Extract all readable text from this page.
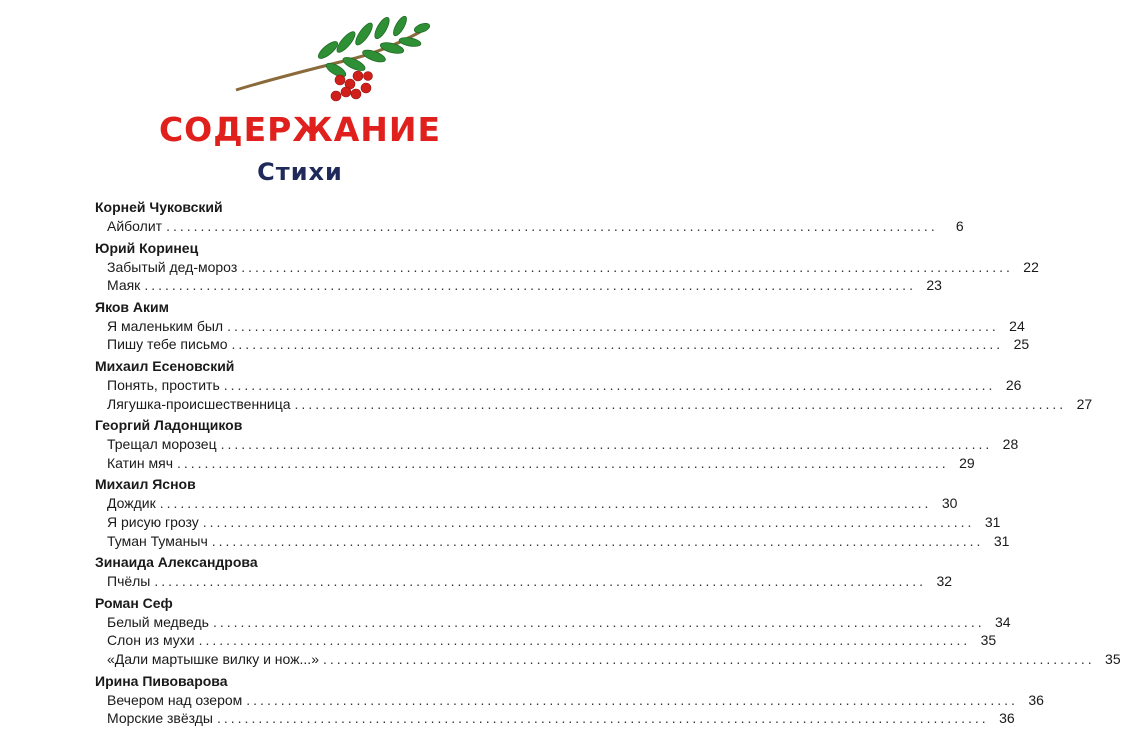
СОДЕРЖАНИЕ
Стихи
Корней Чуковский
Айболит ................................................................................................................	6
Юрий Коринец
Забытый дед-мороз ................................................................................................................ 22
Маяк ................................................................................................................ 23
Яков Аким
Я маленьким был ................................................................................................................ 24
Пишу тебе письмо ................................................................................................................ 25
Михаил Есеновский
Понять, простить ................................................................................................................ 26
Лягушка-происшественница ................................................................................................................ 27
Георгий Ладонщиков
Трещал морозец ................................................................................................................ 28
Катин мяч ................................................................................................................ 29
Михаил Яснов
Дождик ................................................................................................................ 30
Я рисую грозу ................................................................................................................ 31
Туман Туманыч ................................................................................................................ 31
Зинаида Александрова
Пчёлы ................................................................................................................ 32
Роман Сеф
Белый медведь ................................................................................................................ 34
Слон из мухи ................................................................................................................ 35
«Дали мартышке вилку и нож...» ................................................................................................................ 35
Ирина Пивоварова
Вечером над озером ................................................................................................................ 36
Морские звёзды ................................................................................................................ 36
